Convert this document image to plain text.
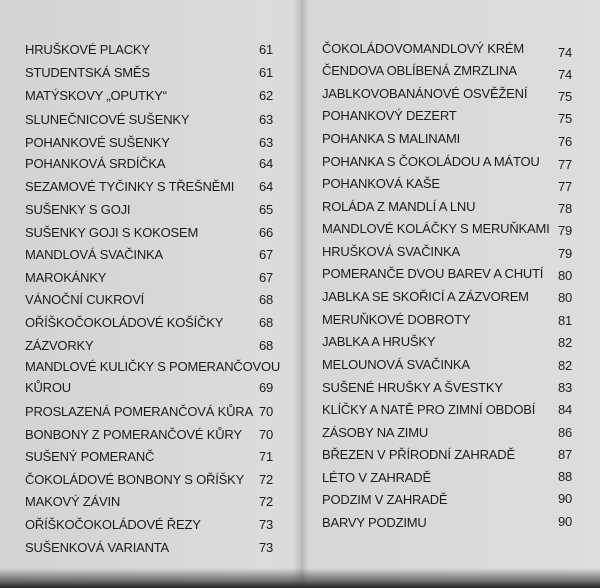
HRUŠKOVÉ PLACKY	61
STUDENTSKÁ SMĚS	61
MATÝSKOVY „OPUTKY“	62
SLUNEČNICOVÉ SUŠENKY	63
POHANKOVÉ SUŠENKY	63
POHANKOVÁ SRDÍČKA	64
SEZAMOVÉ TYČINKY S TŘEŠNĚMI 64
SUŠENKY S GOJI	65
SUŠENKY GOJI S KOKOSEM	66
MANDLOVÁ SVAČINKA	67
MAROKÁNKY	67
VÁNOČNÍ CUKROVÍ	68
OŘÍŠKOČOKOLÁDOVÉ KOŠÍČKY	68
ZÁZVORKY	68
MANDLOVÉ KULIČKY S POMERANČOVOU
KŮROU	69
PROSLAZENÁ POMERANČOVÁ KŮRA 70
BONBONY Z POMERANČOVÉ KŮRY 70
SUŠENÝ POMERANČ	71
ČOKOLÁDOVÉ BONBONY S OŘÍŠKY 72
MAKOVÝ ZÁVIN	72
OŘÍŠKOČOKOLÁDOVÉ ŘEZY	73
SUŠENKOVÁ VARIANTA	73
ČOKOLÁDOVOMANDLOVÝ KRÉM	74
ČENDOVA OBLÍBENÁ ZMRZLINA	74
JABLKOVOBANÁNOVÉ OSVĚŽENÍ 75
POHANKOVÝ DEZERT	75
POHANKA S MALINAMI	76
POHANKA S ČOKOLÁDOU A MÁTOU 77
POHANKOVÁ KAŠE	77
ROLÁDA Z MANDLÍ A LNU	78
MANDLOVÉ KOLÁČKY S MERUŇKAMI 79
HRUŠKOVÁ SVAČINKA	79
POMERANČE DVOU BAREV A CHUTÍ 80
JABLKA SE SKOŘICÍ A ZÁZVOREM 80
MERUŇKOVÉ DOBROTY	81
JABLKA A HRUŠKY	82
MELOUNOVÁ SVAČINKA	82
SUŠENÉ HRUŠKY A ŠVESTKY	83
KLÍČKY A NATĚ PRO ZIMNÍ OBDOBÍ 84
ZÁSOBY NA ZIMU	86
BŘEZEN V PŘÍRODNÍ ZAHRADĚ	87
LÉTO V ZAHRADĚ	88
PODZIM V ZAHRADĚ	90
BARVY PODZIMU	90
